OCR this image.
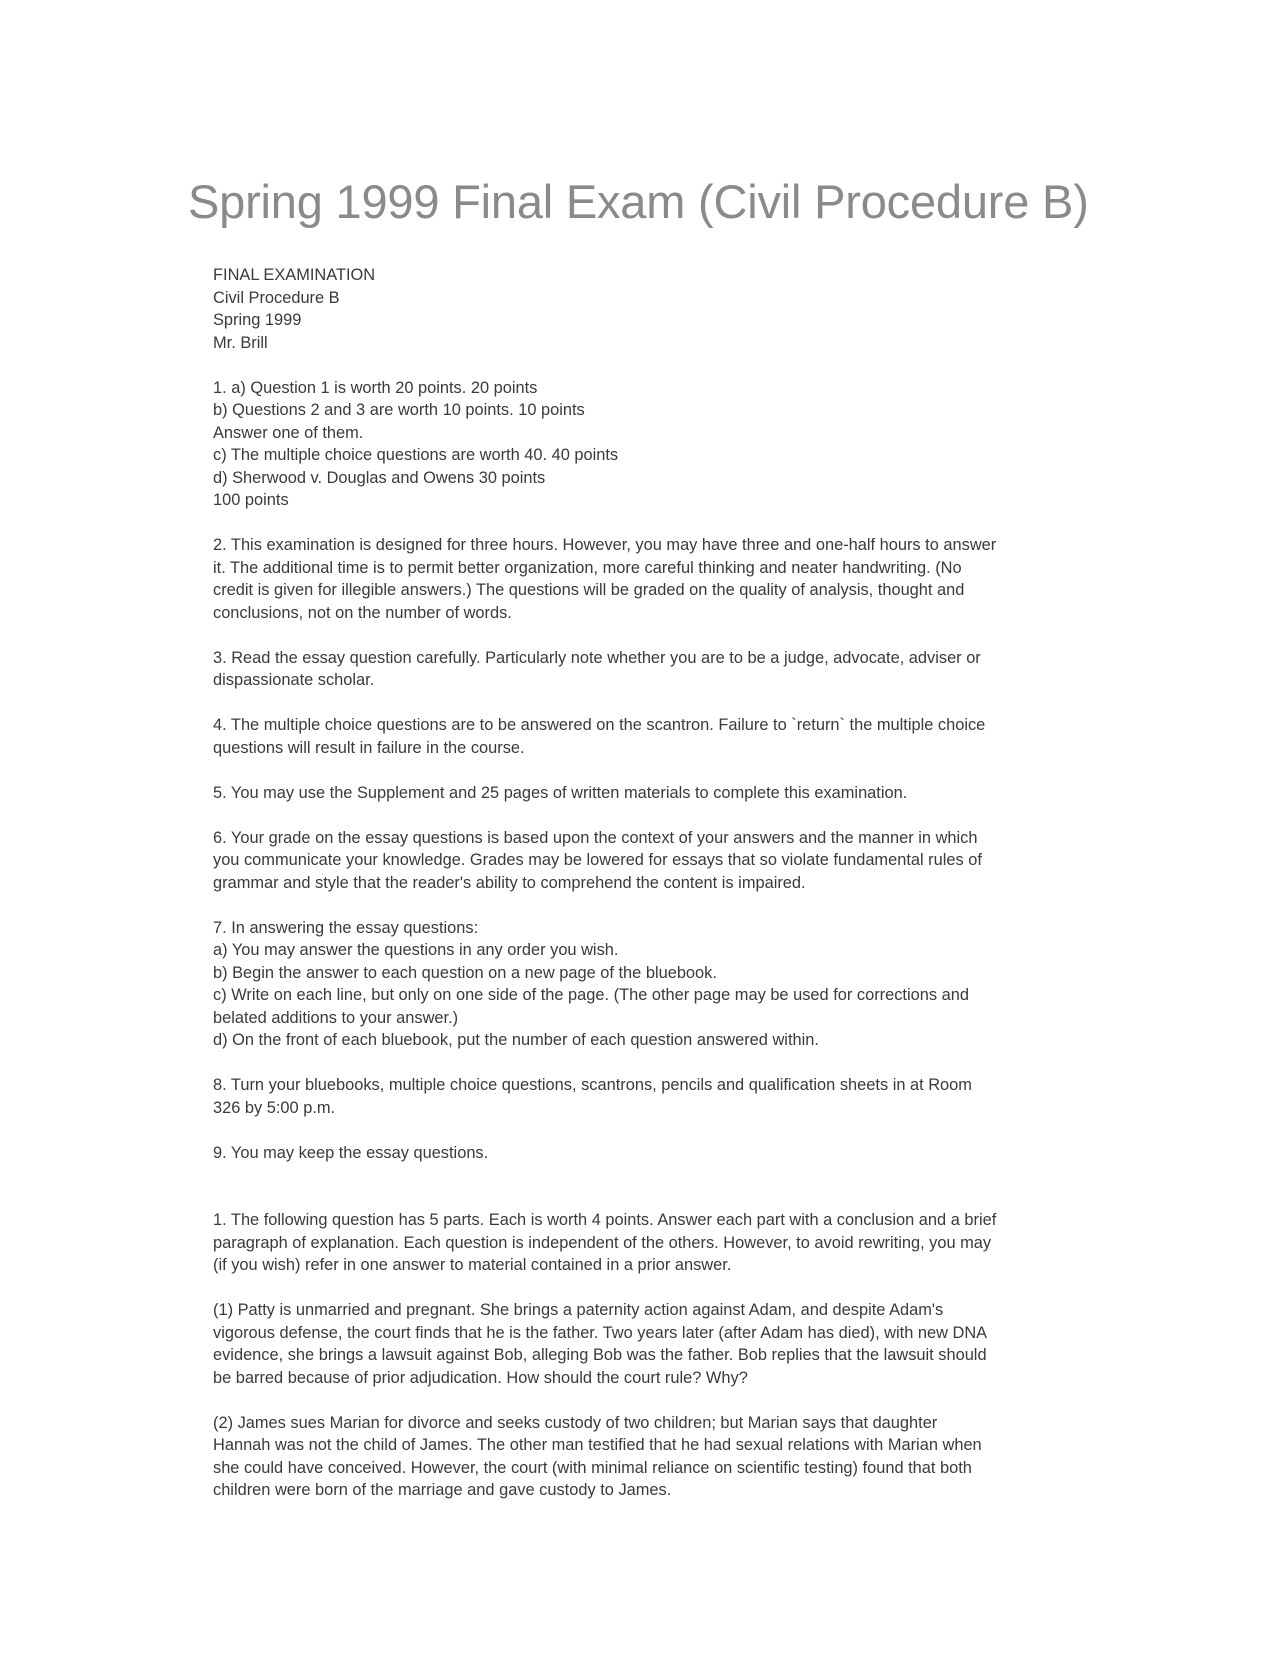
Spring 1999 Final Exam (Civil Procedure B)

FINAL EXAMINATION
Civil Procedure B
Spring 1999
Mr. Brill

1. a) Question 1 is worth 20 points. 20 points
b) Questions 2 and 3 are worth 10 points. 10 points
Answer one of them.
c) The multiple choice questions are worth 40. 40 points
d) Sherwood v. Douglas and Owens 30 points
100 points

2. This examination is designed for three hours. However, you may have three and one-half hours to answer
it. The additional time is to permit better organization, more careful thinking and neater handwriting. (No
credit is given for illegible answers.) The questions will be graded on the quality of analysis, thought and
conclusions, not on the number of words.

3. Read the essay question carefully. Particularly note whether you are to be a judge, advocate, adviser or
dispassionate scholar.

4. The multiple choice questions are to be answered on the scantron. Failure to `return` the multiple choice
questions will result in failure in the course.

5. You may use the Supplement and 25 pages of written materials to complete this examination.

6. Your grade on the essay questions is based upon the context of your answers and the manner in which
you communicate your knowledge. Grades may be lowered for essays that so violate fundamental rules of
grammar and style that the reader's ability to comprehend the content is impaired.

7. In answering the essay questions:
a) You may answer the questions in any order you wish.
b) Begin the answer to each question on a new page of the bluebook.
c) Write on each line, but only on one side of the page. (The other page may be used for corrections and
belated additions to your answer.)
d) On the front of each bluebook, put the number of each question answered within.

8. Turn your bluebooks, multiple choice questions, scantrons, pencils and qualification sheets in at Room
326 by 5:00 p.m.

9. You may keep the essay questions.

1. The following question has 5 parts. Each is worth 4 points. Answer each part with a conclusion and a brief
paragraph of explanation. Each question is independent of the others. However, to avoid rewriting, you may
(if you wish) refer in one answer to material contained in a prior answer.

(1) Patty is unmarried and pregnant. She brings a paternity action against Adam, and despite Adam's
vigorous defense, the court finds that he is the father. Two years later (after Adam has died), with new DNA
evidence, she brings a lawsuit against Bob, alleging Bob was the father. Bob replies that the lawsuit should
be barred because of prior adjudication. How should the court rule? Why?

(2) James sues Marian for divorce and seeks custody of two children; but Marian says that daughter
Hannah was not the child of James. The other man testified that he had sexual relations with Marian when
she could have conceived. However, the court (with minimal reliance on scientific testing) found that both
children were born of the marriage and gave custody to James.
